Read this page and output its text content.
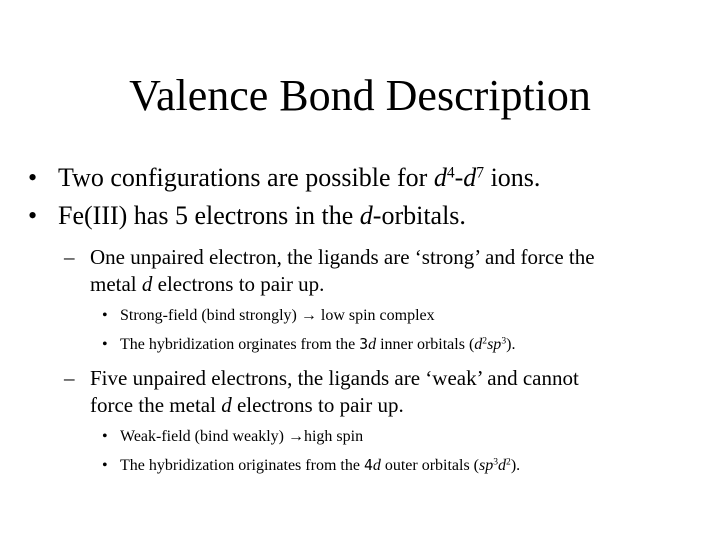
Valence Bond Description
• Two configurations are possible for $d^4-d^7$ ions.
• Fe(III) has 5 electrons in the d-orbitals.
– One unpaired electron, the ligands are ‘strong’ and force the
metal d electrons to pair up.
• Strong-field (bind strongly) → low spin complex
• The hybridization orginates from the 3d inner orbitals $(d^2sp^3)$.
– Five unpaired electrons, the ligands are ‘weak’ and cannot
force the metal d electrons to pair up.
• Weak-field (bind weakly) →high spin
• The hybridization originates from the 4d outer orbitals $(sp^3d^2)$.
